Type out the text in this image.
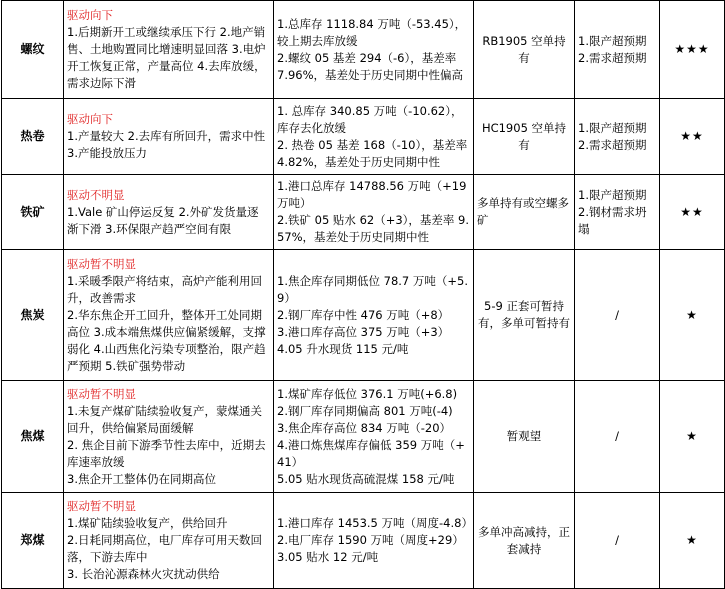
螺纹	驱动向下
1.后期新开工或继续承压下行 2.地产销售、土地购置同比增速明显回落 3.电炉开工恢复正常，产量高位 4.去库放缓，需求边际下滑	1.总库存 1118.84 万吨（-53.45），较上期去库放缓
2.螺纹 05 基差 294（-6），基差率 7.96%，基差处于历史同期中性偏高	RB1905 空单持有	1.限产超预期
2.需求超预期	★★★
热卷	驱动向下
1.产量较大 2.去库有所回升，需求中性 3.产能投放压力	1. 总库存 340.85 万吨（-10.62），库存去化放缓
2. 热卷 05 基差 168（-10），基差率 4.82%，基差处于历史同期中性	HC1905 空单持有	1.限产超预期
2.需求超预期	★★
铁矿	驱动不明显
1.Vale 矿山停运反复 2.外矿发货量逐渐下滑 3.环保限产趋严空间有限	1.港口总库存 14788.56 万吨（+19 万吨）
2.铁矿 05 贴水 62（+3），基差率 9.57%，基差处于历史同期中性	多单持有或空螺多矿	1.限产超预期
2.钢材需求坍塌	★★
焦炭	驱动暂不明显
1.采暖季限产将结束，高炉产能利用回升，改善需求
2.华东焦企开工回升，整体开工处同期高位 3.成本端焦煤供应偏紧缓解，支撑弱化 4.山西焦化污染专项整治，限产趋严预期 5.铁矿强势带动	1.焦企库存同期低位 78.7 万吨（+5.9）
2.钢厂库存中性 476 万吨（+8）
3.港口库存高位 375 万吨（+3）
4.05 升水现货 115 元/吨	5-9 正套可暂持有，多单可暂持有	/	★
焦煤	驱动暂不明显
1.未复产煤矿陆续验收复产，蒙煤通关回升，供给偏紧局面缓解
2. 焦企目前下游季节性去库中，近期去库速率放缓
3.焦企开工整体仍在同期高位	1.煤矿库存低位 376.1 万吨(+6.8)
2.钢厂库存同期偏高 801 万吨(-4)
3.焦企库存高位 834 万吨（-20）
4.港口炼焦煤库存偏低 359 万吨（+41）
5.05 贴水现货高硫混煤 158 元/吨	暂观望	/	★
郑煤	驱动暂不明显
1.煤矿陆续验收复产，供给回升
2.日耗同期高位，电厂库存可用天数回落，下游去库中
3. 长治沁源森林火灾扰动供给	1.港口库存 1453.5 万吨（周度-4.8）
2.电厂库存 1590 万吨（周度+29）
3.05 贴水 12 元/吨	多单冲高减持，正套减持	/	★
